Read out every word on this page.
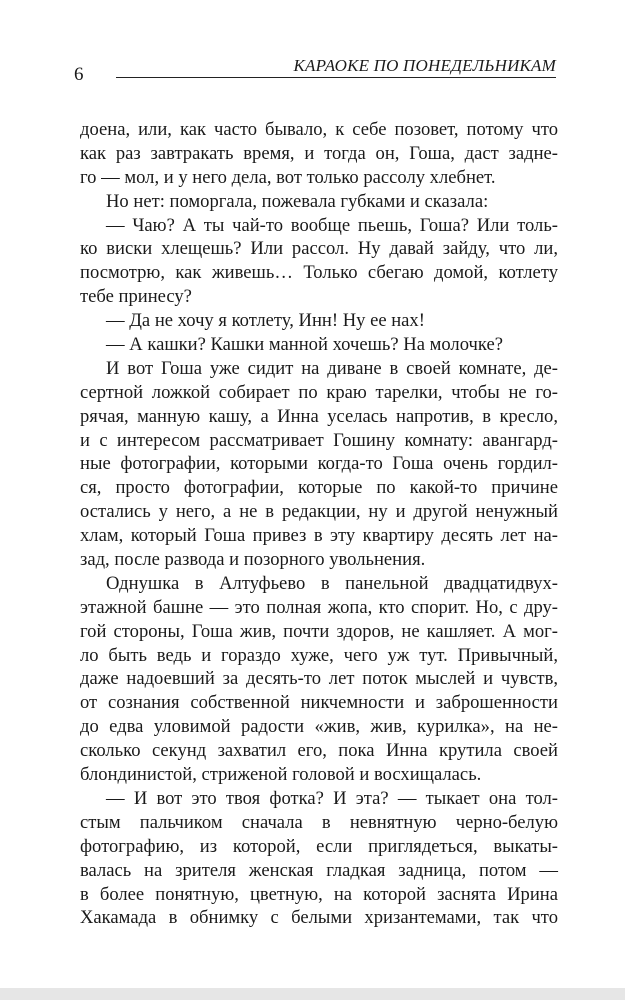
6	КАРАОКЕ ПО ПОНЕДЕЛЬНИКАМ
доена, или, как часто бывало, к себе позовет, потому что
как раз завтракать время, и тогда он, Гоша, даст задне-
го — мол, и у него дела, вот только рассолу хлебнет.
Но нет: поморгала, пожевала губками и сказала:
— Чаю? А ты чай-то вообще пьешь, Гоша? Или толь-
ко виски хлещешь? Или рассол. Ну давай зайду, что ли,
посмотрю, как живешь… Только сбегаю домой, котлету
тебе принесу?
— Да не хочу я котлету, Инн! Ну ее нах!
— А кашки? Кашки манной хочешь? На молочке?
И вот Гоша уже сидит на диване в своей комнате, де-
сертной ложкой собирает по краю тарелки, чтобы не го-
рячая, манную кашу, а Инна уселась напротив, в кресло,
и с интересом рассматривает Гошину комнату: авангард-
ные фотографии, которыми когда-то Гоша очень гордил-
ся, просто фотографии, которые по какой-то причине
остались у него, а не в редакции, ну и другой ненужный
хлам, который Гоша привез в эту квартиру десять лет на-
зад, после развода и позорного увольнения.
Однушка в Алтуфьево в панельной двадцатидвух-
этажной башне — это полная жопа, кто спорит. Но, с дру-
гой стороны, Гоша жив, почти здоров, не кашляет. А мог-
ло быть ведь и гораздо хуже, чего уж тут. Привычный,
даже надоевший за десять-то лет поток мыслей и чувств,
от сознания собственной никчемности и заброшенности
до едва уловимой радости «жив, жив, курилка», на не-
сколько секунд захватил его, пока Инна крутила своей
блондинистой, стриженой головой и восхищалась.
— И вот это твоя фотка? И эта? — тыкает она тол-
стым пальчиком сначала в невнятную черно-белую
фотографию, из которой, если приглядеться, выкаты-
валась на зрителя женская гладкая задница, потом —
в более понятную, цветную, на которой заснята Ирина
Хакамада в обнимку с белыми хризантемами, так что
